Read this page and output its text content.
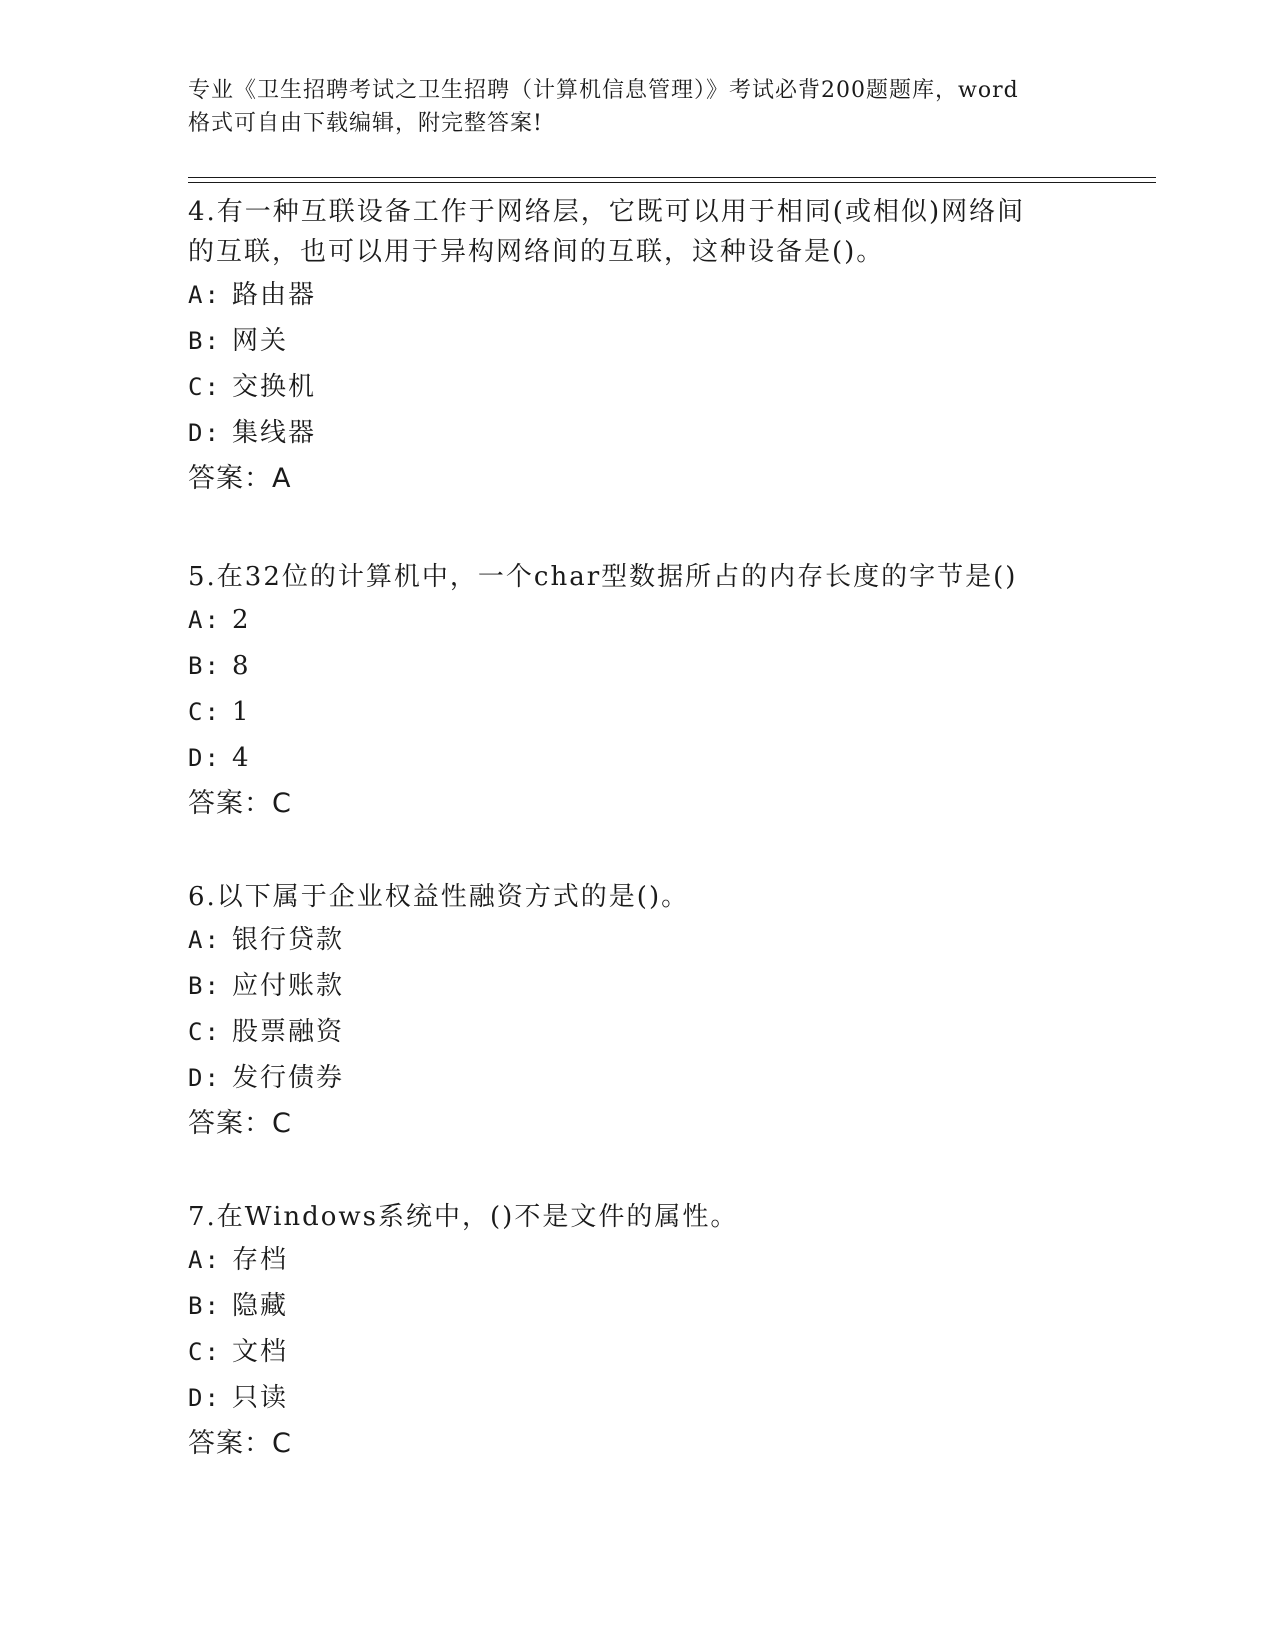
专业《卫生招聘考试之卫生招聘（计算机信息管理）》考试必背200题题库，word
格式可自由下载编辑，附完整答案!

4.有一种互联设备工作于网络层，它既可以用于相同(或相似)网络间

的互联，也可以用于异构网络间的互联，这种设备是()。

A: 路由器
B: 网关
C: 交换机
D: 集线器
答案：A

5.在32位的计算机中，一个char型数据所占的内存长度的字节是()

A: 2
B: 8
C: 1
D: 4
答案：C

6.以下属于企业权益性融资方式的是()。

A: 银行贷款
B: 应付账款
C: 股票融资
D: 发行债券
答案：C

7.在Windows系统中，()不是文件的属性。

A: 存档
B: 隐藏
C: 文档
D: 只读
答案：C
